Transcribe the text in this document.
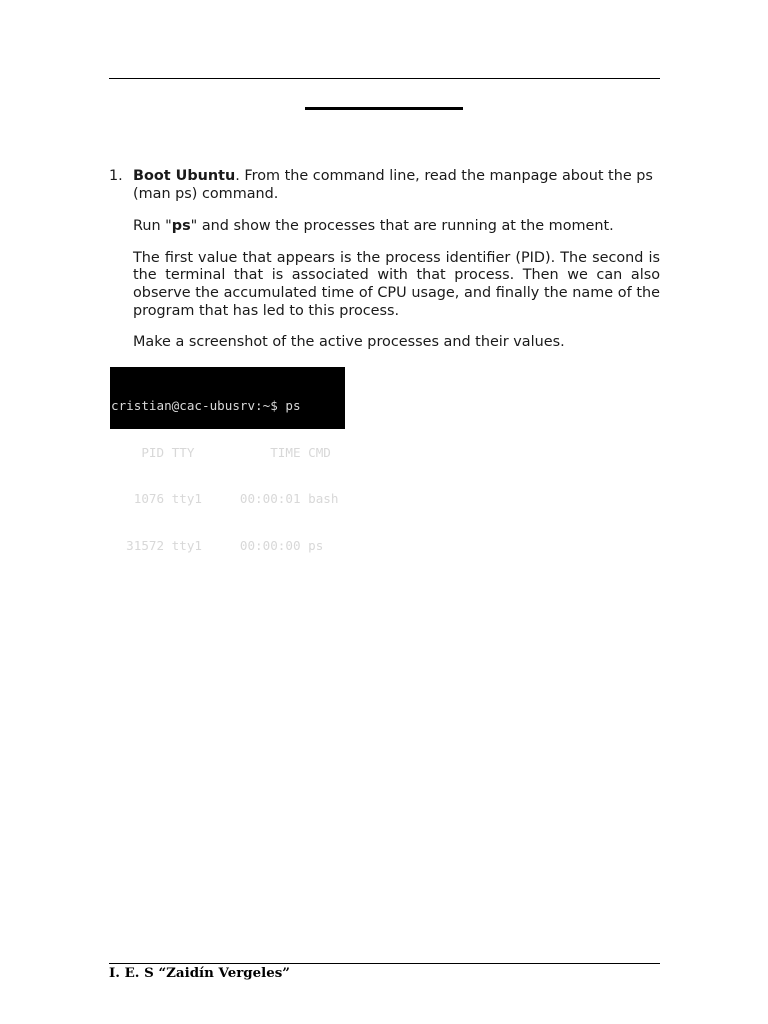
1. Boot Ubuntu. From the command line, read the manpage about the ps (man ps) command.

Run "ps" and show the processes that are running at the moment.

The first value that appears is the process identifier (PID). The second is the terminal that is associated with that process. Then we can also observe the accumulated time of CPU usage, and finally the name of the program that has led to this process.

Make a screenshot of the active processes and their values.

cristian@cac-ubusrv:~$ ps

PID TTY          TIME CMD

1076 tty1     00:00:01 bash

31572 tty1     00:00:00 ps

I. E. S “Zaidín Vergeles”
